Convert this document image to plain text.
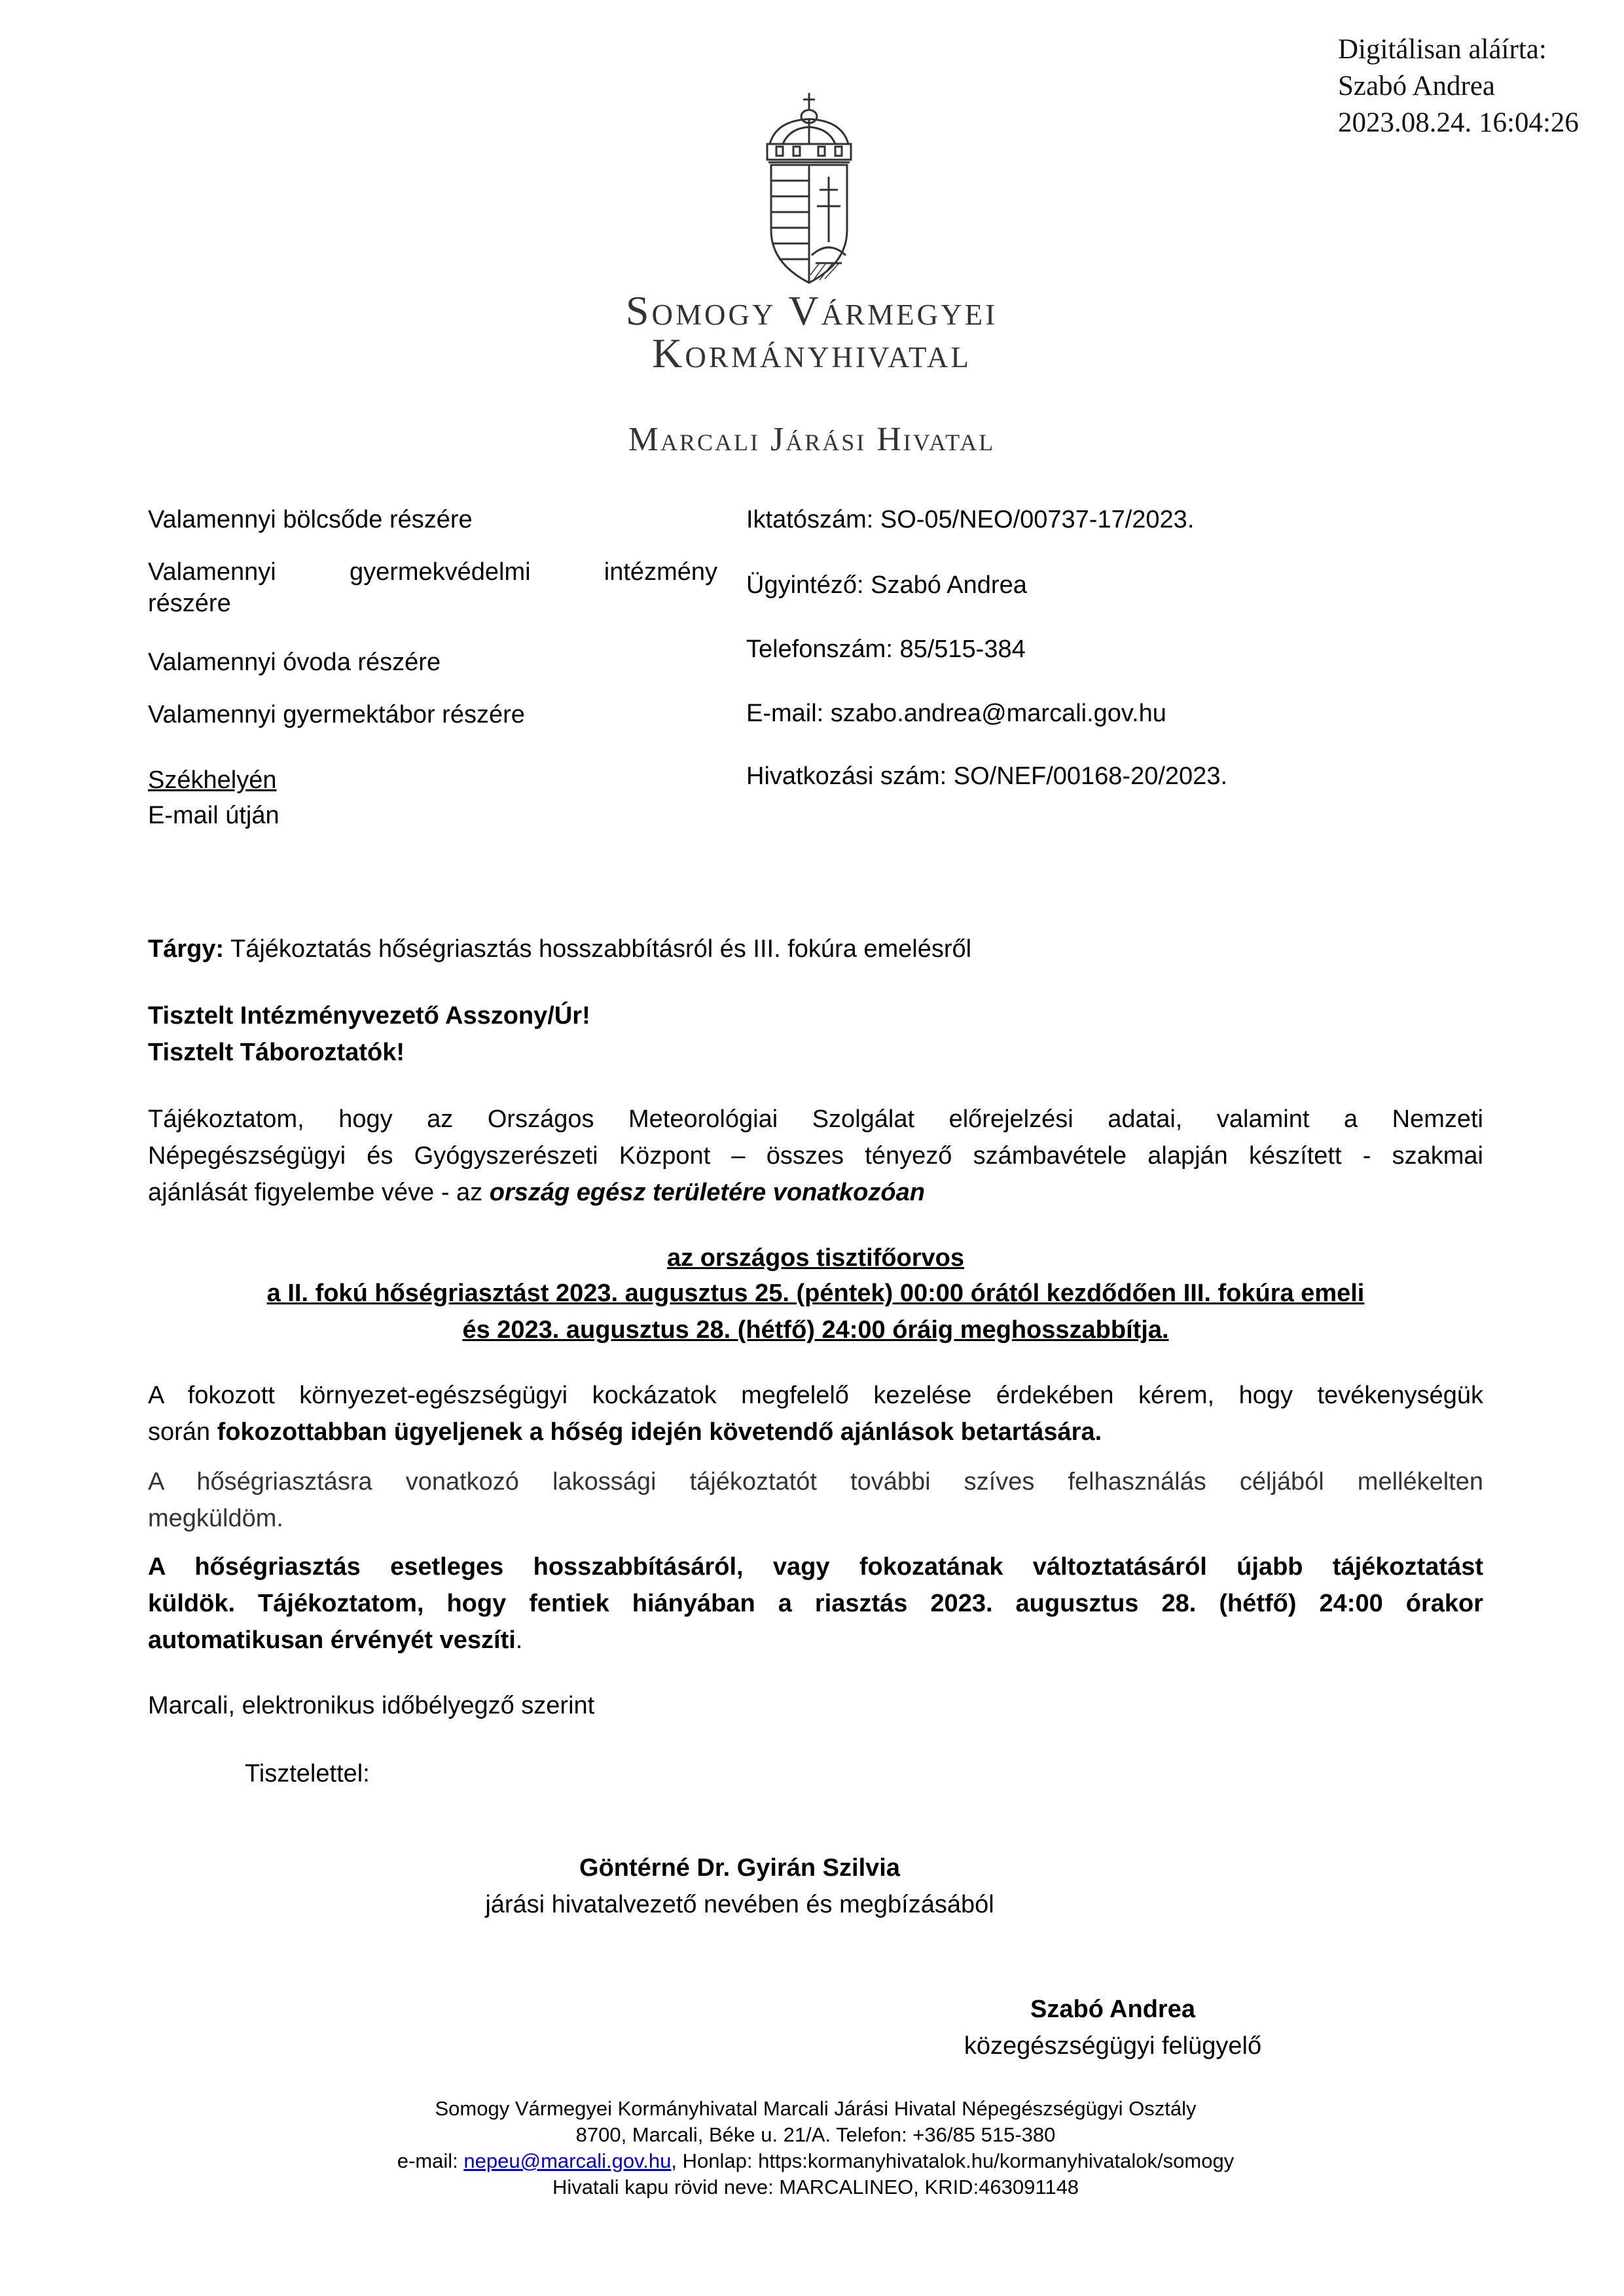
Digitálisan aláírta:
Szabó Andrea
2023.08.24. 16:04:26
Somogy Vármegyei
Kormányhivatal
Marcali Járási Hivatal
Valamennyi bölcsőde részére
Valamennyi gyermekvédelmi intézmény
részére
Valamennyi óvoda részére
Valamennyi gyermektábor részére
Székhelyén
E-mail útján
Iktatószám: SO-05/NEO/00737-17/2023.
Ügyintéző: Szabó Andrea
Telefonszám: 85/515-384
E-mail: szabo.andrea@marcali.gov.hu
Hivatkozási szám: SO/NEF/00168-20/2023.
Tárgy: Tájékoztatás hőségriasztás hosszabbításról és III. fokúra emelésről
Tisztelt Intézményvezető Asszony/Úr!
Tisztelt Táboroztatók!
Tájékoztatom, hogy az Országos Meteorológiai Szolgálat előrejelzési adatai, valamint a Nemzeti
Népegészségügyi és Gyógyszerészeti Központ – összes tényező számbavétele alapján készített - szakmai
ajánlását figyelembe véve - az ország egész területére vonatkozóan
az országos tisztifőorvos
a II. fokú hőségriasztást 2023. augusztus 25. (péntek) 00:00 órától kezdődően III. fokúra emeli
és 2023. augusztus 28. (hétfő) 24:00 óráig meghosszabbítja.
A fokozott környezet-egészségügyi kockázatok megfelelő kezelése érdekében kérem, hogy tevékenységük
során fokozottabban ügyeljenek a hőség idején követendő ajánlások betartására.
A hőségriasztásra vonatkozó lakossági tájékoztatót további szíves felhasználás céljából mellékelten
megküldöm.
A hőségriasztás esetleges hosszabbításáról, vagy fokozatának változtatásáról újabb tájékoztatást
küldök. Tájékoztatom, hogy fentiek hiányában a riasztás 2023. augusztus 28. (hétfő) 24:00 órakor
automatikusan érvényét veszíti.
Marcali, elektronikus időbélyegző szerint
Tisztelettel:
Göntérné Dr. Gyirán Szilvia
járási hivatalvezető nevében és megbízásából
Szabó Andrea
közegészségügyi felügyelő
Somogy Vármegyei Kormányhivatal Marcali Járási Hivatal Népegészségügyi Osztály
8700, Marcali, Béke u. 21/A. Telefon: +36/85 515-380
e-mail: nepeu@marcali.gov.hu, Honlap: https:kormanyhivatalok.hu/kormanyhivatalok/somogy
Hivatali kapu rövid neve: MARCALINEO, KRID:463091148
